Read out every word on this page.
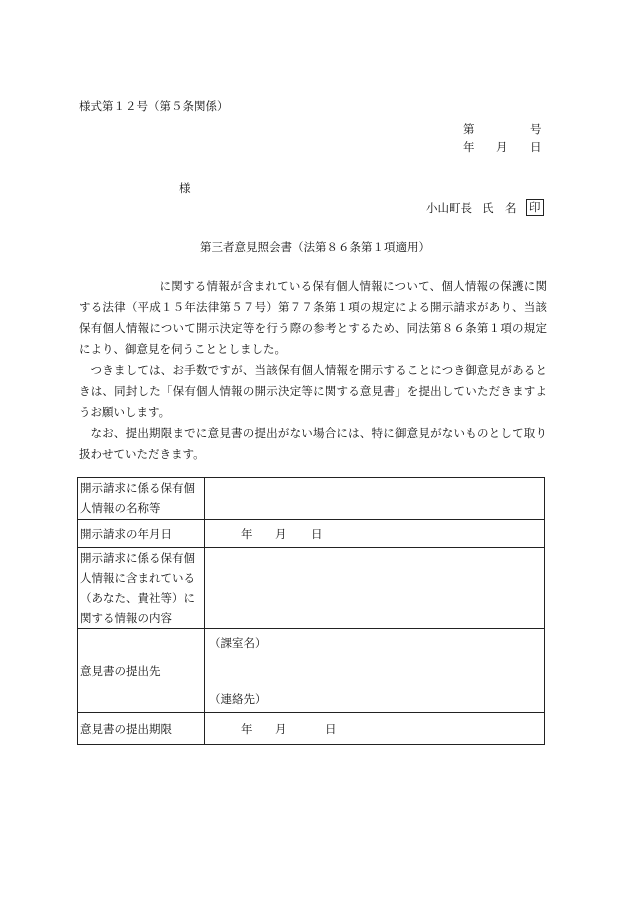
様式第１２号（第５条関係）
第	号
年 月 日
様
小山町長 氏　名 印
第三者意見照会書（法第８６条第１項適用）

に関する情報が含まれている保有個人情報について、個人情報の保護に関する法律（平成１５年法律第５７号）第７７条第１項の規定による開示請求があり、当該保有個人情報について開示決定等を行う際の参考とするため、同法第８６条第１項の規定により、御意見を伺うこととしました。

つきましては、お手数ですが、当該保有個人情報を開示することにつき御意見があるときは、同封した「保有個人情報の開示決定等に関する意見書」を提出していただきますようお願いします。

なお、提出期限までに意見書の提出がない場合には、特に御意見がないものとして取り扱わせていただきます。

開示請求に係る保有個人情報の名称等	
開示請求の年月日	年 月 日

開示請求に係る保有個人情報に含まれている（あなた、貴社等）に関する情報の内容	
意見書の提出先	（課室名）
（連絡先）

意見書の提出期限	年 月 日
